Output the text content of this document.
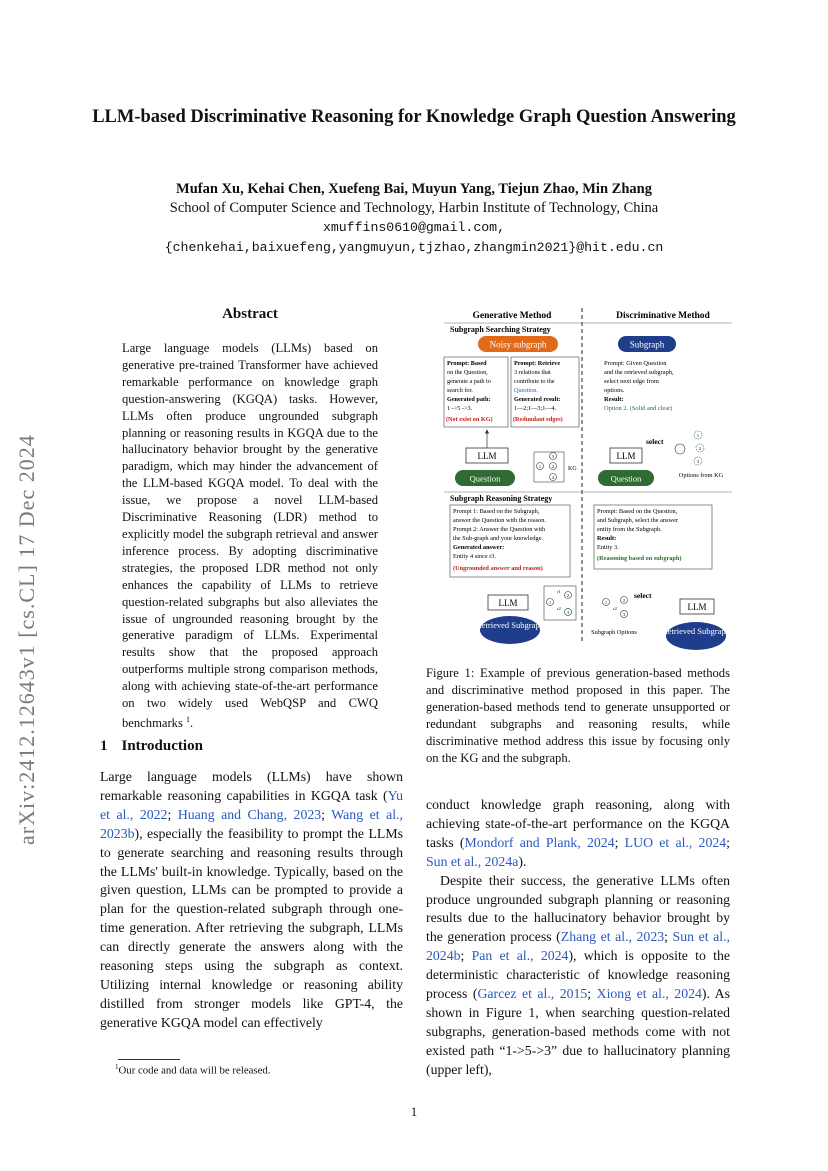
LLM-based Discriminative Reasoning for Knowledge Graph Question Answering
Mufan Xu, Kehai Chen, Xuefeng Bai, Muyun Yang, Tiejun Zhao, Min Zhang
School of Computer Science and Technology, Harbin Institute of Technology, China
xmuffins0610@gmail.com,
{chenkehai,baixuefeng,yangmuyun,tjzhao,zhangmin2021}@hit.edu.cn
arXiv:2412.12643v1 [cs.CL] 17 Dec 2024
Abstract
Large language models (LLMs) based on generative pre-trained Transformer have achieved remarkable performance on knowledge graph question-answering (KGQA) tasks. However, LLMs often produce ungrounded subgraph planning or reasoning results in KGQA due to the hallucinatory behavior brought by the generative paradigm, which may hinder the advancement of the LLM-based KGQA model. To deal with the issue, we propose a novel LLM-based Discriminative Reasoning (LDR) method to explicitly model the subgraph retrieval and answer inference process. By adopting discriminative strategies, the proposed LDR method not only enhances the capability of LLMs to retrieve question-related subgraphs but also alleviates the issue of ungrounded reasoning brought by the generative paradigm of LLMs. Experimental results show that the proposed approach outperforms multiple strong comparison methods, along with achieving state-of-the-art performance on two widely used WebQSP and CWQ benchmarks $^1$.
1 Introduction
Large language models (LLMs) have shown remarkable reasoning capabilities in KGQA task (Yu et al., 2022; Huang and Chang, 2023; Wang et al., 2023b), especially the feasibility to prompt the LLMs to generate searching and reasoning results through the LLMs' built-in knowledge. Typically, based on the given question, LLMs can be prompted to provide a plan for the question-related subgraph through one-time generation. After retrieving the subgraph, LLMs can directly generate the answers along with the reasoning steps using the subgraph as context. Utilizing internal knowledge or reasoning ability distilled from stronger models like GPT-4, the generative KGQA model can effectively
$^1$Our code and data will be released.
Generative Method	Discriminative Method
Subgraph Searching Strategy
Noisy subgraph	Subgraph
Prompt: Based
on the Question,
generate a path to
search for.
Generated path:
1 ->5 ->3.
(Not exist on KG)
Prompt: Retrieve
3 relations that
contribute to the
Question.
Generated result:
1—2;1—3;1—4.
(Redundant edges)
Prompt: Given Question
and the retrieved subgraph,
select next edge from
options.
Result:
Option 2. (Solid and clear)
LLM
Question
KG
LLM
Question
select
Options from KG
Subgraph Reasoning Strategy
Prompt 1: Based on the Subgraph,
answer the Question with the reason.
Prompt 2: Answer the Question with
the Sub-graph and your knowledge.
Generated answer:
Entity 4 since r3.
(Ungrounded answer and reason)
Prompt: Based on the Question,
and Subgraph, select the answer
entity from the Subgraph.
Result:
Entity 3.
(Reasoning based on subgraph)
LLM
Retrieved Subgraph
LLM
Retrieved Subgraph
select
Subgraph Options
1
3
2
4
1
2
3
1
2
3
r1
r2
1	2
3
r2
Figure 1: Example of previous generation-based methods and discriminative method proposed in this paper. The generation-based methods tend to generate unsupported or redundant subgraphs and reasoning results, while discriminative method address this issue by focusing only on the KG and the subgraph.
conduct knowledge graph reasoning, along with achieving state-of-the-art performance on the KGQA tasks (Mondorf and Plank, 2024; LUO et al., 2024; Sun et al., 2024a).
Despite their success, the generative LLMs often produce ungrounded subgraph planning or reasoning results due to the hallucinatory behavior brought by the generation process (Zhang et al., 2023; Sun et al., 2024b; Pan et al., 2024), which is opposite to the deterministic characteristic of knowledge reasoning process (Garcez et al., 2015; Xiong et al., 2024). As shown in Figure 1, when searching question-related subgraphs, generation-based methods come with not existed path “1->5->3” due to hallucinatory planning (upper left),
1
